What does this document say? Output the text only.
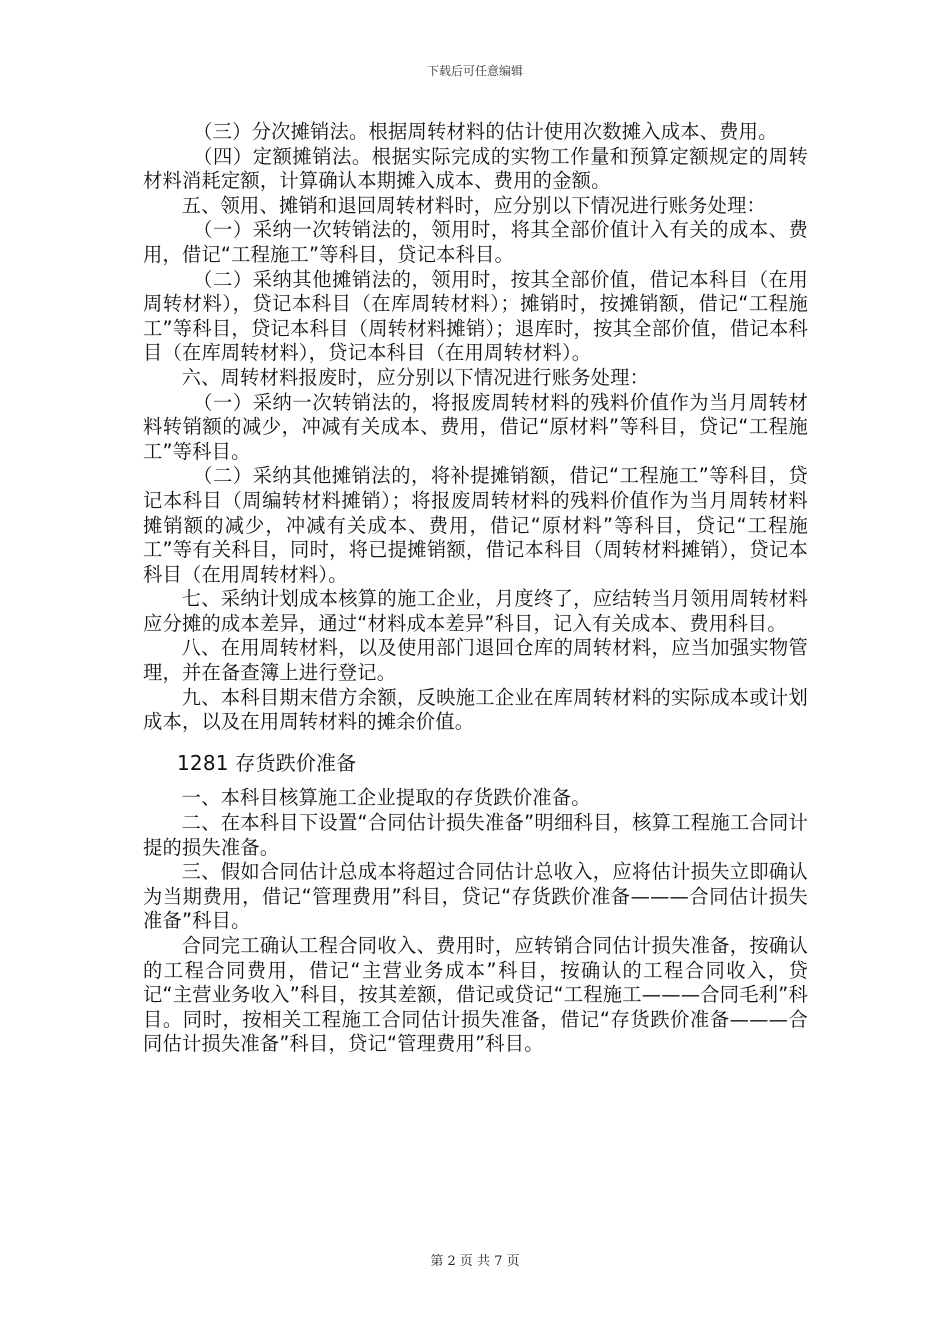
下载后可任意编辑

（三）分次摊销法。根据周转材料的估计使用次数摊入成本、费用。

（四）定额摊销法。根据实际完成的实物工作量和预算定额规定的周转材料消耗定额，计算确认本期摊入成本、费用的金额。

五、领用、摊销和退回周转材料时，应分别以下情况进行账务处理：

（一）采纳一次转销法的，领用时，将其全部价值计入有关的成本、费用，借记“工程施工”等科目，贷记本科目。

（二）采纳其他摊销法的，领用时，按其全部价值，借记本科目（在用周转材料），贷记本科目（在库周转材料）；摊销时，按摊销额，借记“工程施工”等科目，贷记本科目（周转材料摊销）；退库时，按其全部价值，借记本科目（在库周转材料），贷记本科目（在用周转材料）。

六、周转材料报废时，应分别以下情况进行账务处理：

（一）采纳一次转销法的，将报废周转材料的残料价值作为当月周转材料转销额的减少，冲减有关成本、费用，借记“原材料”等科目，贷记“工程施工”等科目。

（二）采纳其他摊销法的，将补提摊销额，借记“工程施工”等科目，贷记本科目（周编转材料摊销）；将报废周转材料的残料价值作为当月周转材料摊销额的减少，冲减有关成本、费用，借记“原材料”等科目，贷记“工程施工”等有关科目，同时，将已提摊销额，借记本科目（周转材料摊销），贷记本科目（在用周转材料）。

七、采纳计划成本核算的施工企业，月度终了，应结转当月领用周转材料应分摊的成本差异，通过“材料成本差异”科目，记入有关成本、费用科目。

八、在用周转材料，以及使用部门退回仓库的周转材料，应当加强实物管理，并在备查簿上进行登记。

九、本科目期末借方余额，反映施工企业在库周转材料的实际成本或计划成本，以及在用周转材料的摊余价值。

1281 存货跌价准备

一、本科目核算施工企业提取的存货跌价准备。

二、在本科目下设置“合同估计损失准备”明细科目，核算工程施工合同计提的损失准备。

三、假如合同估计总成本将超过合同估计总收入，应将估计损失立即确认为当期费用，借记“管理费用”科目，贷记“存货跌价准备———合同估计损失准备”科目。

合同完工确认工程合同收入、费用时，应转销合同估计损失准备，按确认的工程合同费用，借记“主营业务成本”科目，按确认的工程合同收入，贷记“主营业务收入”科目，按其差额，借记或贷记“工程施工———合同毛利”科目。同时，按相关工程施工合同估计损失准备，借记“存货跌价准备———合同估计损失准备”科目，贷记“管理费用”科目。

第 2 页 共 7 页
